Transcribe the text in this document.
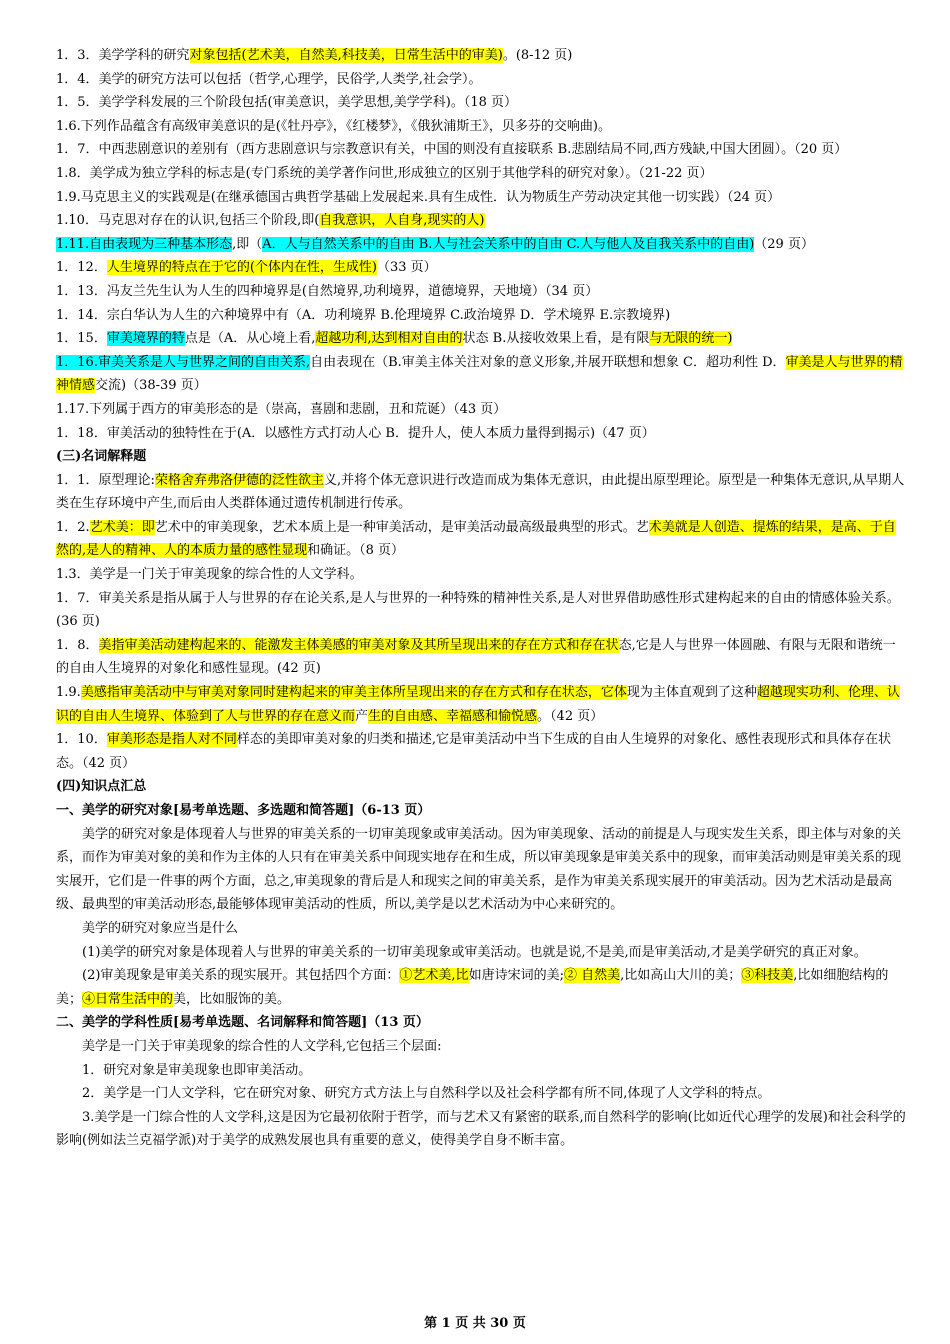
1．3．美学学科的研究对象包括(艺术美，自然美,科技美，日常生活中的审美)。(8-12 页)

1．4．美学的研究方法可以包括（哲学,心理学，民俗学,人类学,社会学）。

1．5．美学学科发展的三个阶段包括(审美意识，美学思想,美学学科)。（18 页）

1.6.下列作品蕴含有高级审美意识的是(《牡丹亭》，《红楼梦》，《俄狄浦斯王》，贝多芬的交响曲)。

1．7．中西悲剧意识的差别有（西方悲剧意识与宗教意识有关，中国的则没有直接联系 B.悲剧结局不同,西方残缺,中国大团圆）。（20 页）

1.8．美学成为独立学科的标志是(专门系统的美学著作问世,形成独立的区别于其他学科的研究对象）。（21-22 页）

1.9.马克思主义的实践观是(在继承德国古典哲学基础上发展起来.具有生成性．认为物质生产劳动决定其他一切实践）（24 页）

1.10．马克思对存在的认识,包括三个阶段,即(自我意识，人自身,现实的人)

1.11.自由表现为三种基本形态,即（A．人与自然关系中的自由 B.人与社会关系中的自由 C.人与他人及自我关系中的自由)（29 页）

1．12．人生境界的特点在于它的(个体内在性，生成性)（33 页）

1．13．冯友兰先生认为人生的四种境界是(自然境界,功利境界，道德境界，天地境）（34 页）

1．14．宗白华认为人生的六种境界中有（A．功利境界 B.伦理境界 C.政治境界 D．学术境界 E.宗教境界)

1．15．审美境界的特点是（A．从心境上看,超越功利,达到相对自由的状态 B.从接收效果上看，是有限与无限的统一)

1．16.审美关系是人与世界之间的自由关系,自由表现在（B.审美主体关注对象的意义形象,并展开联想和想象 C．超功利性 D．审美是人与世界的精神情感交流)（38-39 页）

1.17.下列属于西方的审美形态的是（崇高，喜剧和悲剧，丑和荒诞）（43 页）

1．18．审美活动的独特性在于(A．以感性方式打动人心 B．提升人，使人本质力量得到揭示)（47 页）

(三)名词解释题

1．1．原型理论:荣格舍弃弗洛伊德的泛性欲主义,并将个体无意识进行改造而成为集体无意识，由此提出原型理论。原型是一种集体无意识,从早期人类在生存环境中产生,而后由人类群体通过遗传机制进行传承。

1．2.艺术美：即艺术中的审美现象，艺术本质上是一种审美活动，是审美活动最高级最典型的形式。艺术美就是人创造、提炼的结果，是高、于自然的,是人的精神、人的本质力量的感性显现和确证。（8 页）

1.3．美学是一门关于审美现象的综合性的人文学科。

1．7．审美关系是指从属于人与世界的存在论关系,是人与世界的一种特殊的精神性关系,是人对世界借助感性形式建构起来的自由的情感体验关系。(36 页)

1．8．美指审美活动建构起来的、能激发主体美感的审美对象及其所呈现出来的存在方式和存在状态,它是人与世界一体圆融、有限与无限和谐统一的自由人生境界的对象化和感性显现。(42 页)

1.9.美感指审美活动中与审美对象同时建构起来的审美主体所呈现出来的存在方式和存在状态，它体现为主体直观到了这种超越现实功利、伦理、认识的自由人生境界、体验到了人与世界的存在意义而产生的自由感、幸福感和愉悦感。（42 页）

1．10．审美形态是指人对不同样态的美即审美对象的归类和描述,它是审美活动中当下生成的自由人生境界的对象化、感性表现形式和具体存在状态。（42 页）

(四)知识点汇总

一、美学的研究对象[易考单选题、多选题和简答题]（6-13 页）

美学的研究对象是体现着人与世界的审美关系的一切审美现象或审美活动。因为审美现象、活动的前提是人与现实发生关系，即主体与对象的关系，而作为审美对象的美和作为主体的人只有在审美关系中间现实地存在和生成，所以审美现象是审美关系中的现象，而审美活动则是审美关系的现实展开，它们是一件事的两个方面，总之,审美现象的背后是人和现实之间的审美关系，是作为审美关系现实展开的审美活动。因为艺术活动是最高级、最典型的审美活动形态,最能够体现审美活动的性质，所以,美学是以艺术活动为中心来研究的。

美学的研究对象应当是什么

(1)美学的研究对象是体现着人与世界的审美关系的一切审美现象或审美活动。也就是说,不是美,而是审美活动,才是美学研究的真正对象。

(2)审美现象是审美关系的现实展开。其包括四个方面：①艺术美,比如唐诗宋词的美;② 自然美,比如高山大川的美；③科技美,比如细胞结构的美；④日常生活中的美，比如服饰的美。

二、美学的学科性质[易考单选题、名词解释和简答题]（13 页）

美学是一门关于审美现象的综合性的人文学科,它包括三个层面:

1．研究对象是审美现象也即审美活动。

2．美学是一门人文学科，它在研究对象、研究方式方法上与自然科学以及社会科学都有所不同,体现了人文学科的特点。

3.美学是一门综合性的人文学科,这是因为它最初依附于哲学，而与艺术又有紧密的联系,而自然科学的影响(比如近代心理学的发展)和社会科学的影响(例如法兰克福学派)对于美学的成熟发展也具有重要的意义，使得美学自身不断丰富。

第 1 页 共 30 页
